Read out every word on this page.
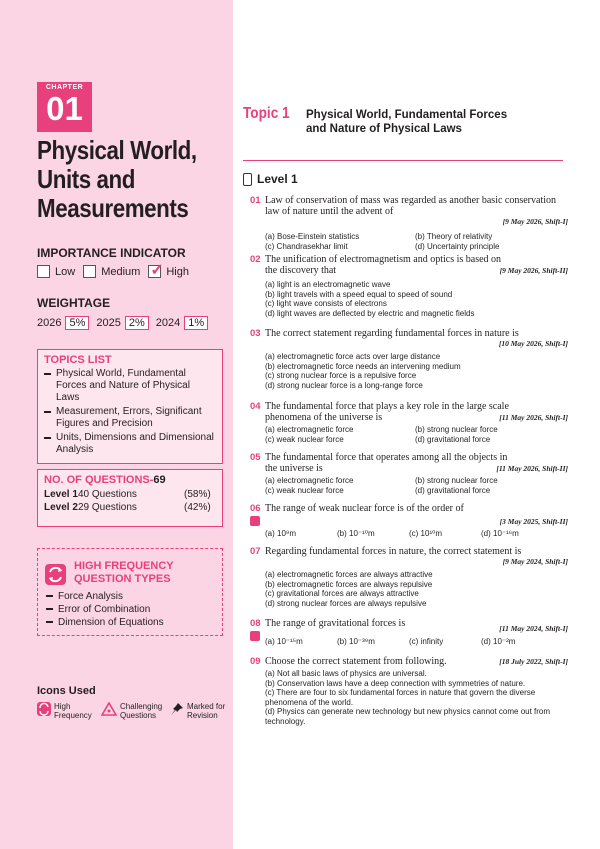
CHAPTER
01
Physical World,
Units and
Measurements
IMPORTANCE INDICATOR
Low Medium ✓ High
WEIGHTAGE
2026 5%	2025 2%	2024 1%
TOPICS LIST
Physical World, Fundamental Forces and Nature of Physical Laws
Measurement, Errors, Significant Figures and Precision
Units, Dimensions and Dimensional Analysis
NO. OF QUESTIONS-69
Level 1 40 Questions	(58%)
Level 2 29 Questions	(42%)
HIGH FREQUENCY
QUESTION TYPES
Force Analysis
Error of Combination
Dimension of Equations
Icons Used
High
Frequency
Challenging
Questions
Marked for
Revision
Topic 1 Physical World, Fundamental Forces and Nature of Physical Laws
Level 1
01 Law of conservation of mass was regarded as another basic conservation law of nature until the advent of
[9 May 2026, Shift-I]
(a) Bose-Einstein statistics	(b) Theory of relativity
(c) Chandrasekhar limit	(d) Uncertainty principle
02 The unification of electromagnetism and optics is based on the discovery that	[9 May 2026, Shift-II]
(a) light is an electromagnetic wave
(b) light travels with a speed equal to speed of sound
(c) light wave consists of electrons
(d) light waves are deflected by electric and magnetic fields
03 The correct statement regarding fundamental forces in nature is
[10 May 2026, Shift-I]
(a) electromagnetic force acts over large distance
(b) electromagnetic force needs an intervening medium
(c) strong nuclear force is a repulsive force
(d) strong nuclear force is a long-range force
04 The fundamental force that plays a key role in the large scale phenomena of the universe is	[11 May 2026, Shift-I]
(a) electromagnetic force	(b) strong nuclear force
(c) weak nuclear force	(d) gravitational force
05 The fundamental force that operates among all the objects in the universe is	[11 May 2026, Shift-II]
(a) electromagnetic force	(b) strong nuclear force
(c) weak nuclear force	(d) gravitational force
06 The range of weak nuclear force is of the order of
[3 May 2025, Shift-II]
(a) 10⁹m	(b) 10⁻¹⁰m	(c) 10¹⁰m	(d) 10⁻¹⁶m
07 Regarding fundamental forces in nature, the correct statement is
[9 May 2024, Shift-I]
(a) electromagnetic forces are always attractive
(b) electromagnetic forces are always repulsive
(c) gravitational forces are always attractive
(d) strong nuclear forces are always repulsive
08 The range of gravitational forces is	[11 May 2024, Shift-I]
(a) 10⁻¹⁵m	(b) 10⁻³⁹m	(c) infinity	(d) 10⁻²m
09 Choose the correct statement from following.	[18 July 2022, Shift-I]
(a) Not all basic laws of physics are universal.
(b) Conservation laws have a deep connection with symmetries of nature.
(c) There are four to six fundamental forces in nature that govern the diverse phenomena of the world.
(d) Physics can generate new technology but new physics cannot come out from technology.
